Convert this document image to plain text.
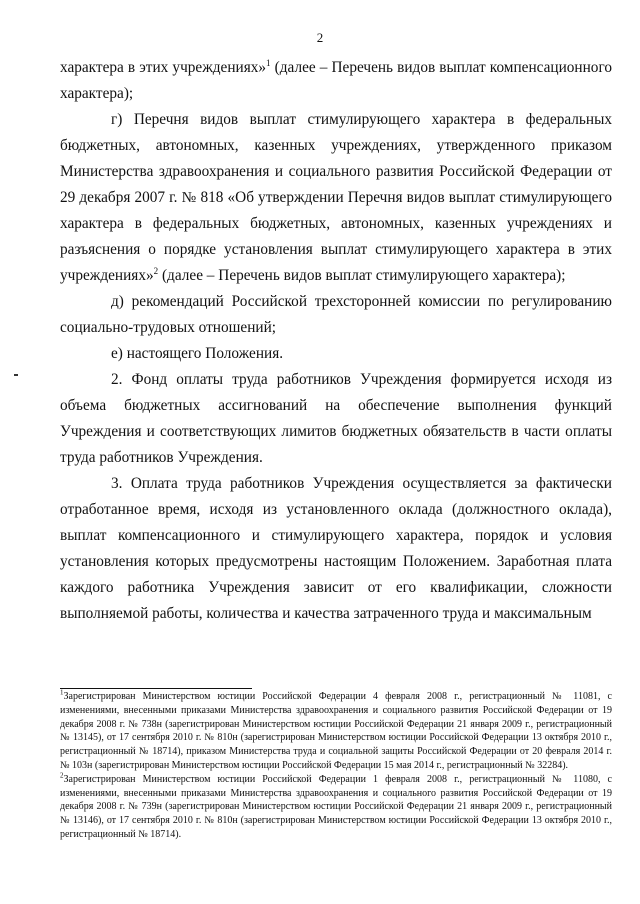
2

характера в этих учреждениях»$^1$ (далее – Перечень видов выплат компенсационного характера);

г) Перечня видов выплат стимулирующего характера в федеральных бюджетных, автономных, казенных учреждениях, утвержденного приказом Министерства здравоохранения и социального развития Российской Федерации от 29 декабря 2007 г. № 818 «Об утверждении Перечня видов выплат стимулирующего характера в федеральных бюджетных, автономных, казенных учреждениях и разъяснения о порядке установления выплат стимулирующего характера в этих учреждениях»$^2$ (далее – Перечень видов выплат стимулирующего характера);

д) рекомендаций Российской трехсторонней комиссии по регулированию социально-трудовых отношений;

е) настоящего Положения.

2. Фонд оплаты труда работников Учреждения формируется исходя из объема бюджетных ассигнований на обеспечение выполнения функций Учреждения и соответствующих лимитов бюджетных обязательств в части оплаты труда работников Учреждения.

3. Оплата труда работников Учреждения осуществляется за фактически отработанное время, исходя из установленного оклада (должностного оклада), выплат компенсационного и стимулирующего характера, порядок и условия установления которых предусмотрены настоящим Положением. Заработная плата каждого работника Учреждения зависит от его квалификации, сложности выполняемой работы, количества и качества затраченного труда и максимальным

$^1$Зарегистрирован Министерством юстиции Российской Федерации 4 февраля 2008 г., регистрационный № 11081, с изменениями, внесенными приказами Министерства здравоохранения и социального развития Российской Федерации от 19 декабря 2008 г. № 738н (зарегистрирован Министерством юстиции Российской Федерации 21 января 2009 г., регистрационный № 13145), от 17 сентября 2010 г. № 810н (зарегистрирован Министерством юстиции Российской Федерации 13 октября 2010 г., регистрационный № 18714), приказом Министерства труда и социальной защиты Российской Федерации от 20 февраля 2014 г. № 103н (зарегистрирован Министерством юстиции Российской Федерации 15 мая 2014 г., регистрационный № 32284).

$^2$Зарегистрирован Министерством юстиции Российской Федерации 1 февраля 2008 г., регистрационный № 11080, с изменениями, внесенными приказами Министерства здравоохранения и социального развития Российской Федерации от 19 декабря 2008 г. № 739н (зарегистрирован Министерством юстиции Российской Федерации 21 января 2009 г., регистрационный № 13146), от 17 сентября 2010 г. № 810н (зарегистрирован Министерством юстиции Российской Федерации 13 октября 2010 г., регистрационный № 18714).
